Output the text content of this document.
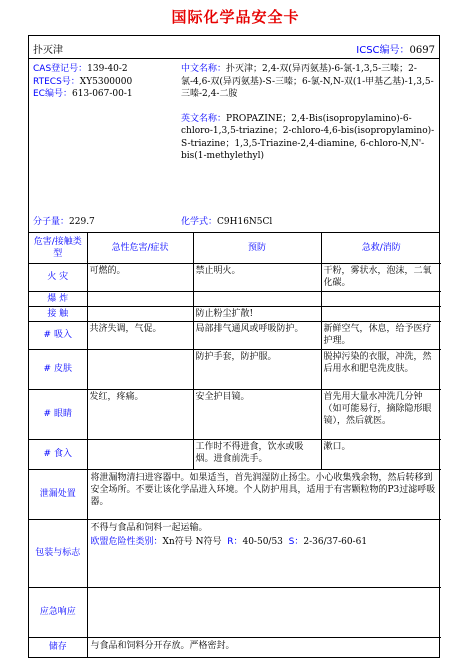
国际化学品安全卡
扑灭津	ICSC编号：0697
CAS登记号：139-40-2
RTECS号：XY5300000
EC编号：613-067-00-1

中文名称：扑灭津；2,4-双(异丙氨基)-6-氯-1,3,5-三嗪；2-氯-4,6-双(异丙氨基)-S-三嗪；6-氯-N,N-双(1-甲基乙基)-1,3,5-三嗪-2,4-二胺

英文名称：PROPAZINE；2,4-Bis(isopropylamino)-6-chloro-1,3,5-triazine；2-chloro-4,6-bis(isopropylamino)-S-triazine；1,3,5-Triazine-2,4-diamine, 6-chloro-N,N'-bis(1-methylethyl)

分子量：229.7	化学式：C9H16N5Cl
危害/接触类型	急性危害/症状	预防	急救/消防
火 灾	可燃的。	禁止明火。	干粉，雾状水，泡沫，二氧化碳。
爆 炸			
接 触		防止粉尘扩散!	
# 吸入	共济失调，气促。	局部排气通风或呼吸防护。	新鲜空气，休息，给予医疗护理。
# 皮肤		防护手套，防护服。	脱掉污染的衣服，冲洗，然后用水和肥皂洗皮肤。
# 眼睛	发红，疼痛。	安全护目镜。	首先用大量水冲洗几分钟（如可能易行，摘除隐形眼镜），然后就医。
# 食入		工作时不得进食，饮水或吸烟。进食前洗手。	漱口。
泄漏处置	将泄漏物清扫进容器中。如果适当，首先润湿防止扬尘。小心收集残余物，然后转移到安全场所。不要让该化学品进入环境。个人防护用具，适用于有害颗粒物的P3过滤呼吸器。		
包装与标志	不得与食品和饲料一起运输。
欧盟危险性类别：Xn符号 N符号 R：40-50/53 S：2-36/37-60-61		

应急响应			
储存	与食品和饲料分开存放。严格密封。		
